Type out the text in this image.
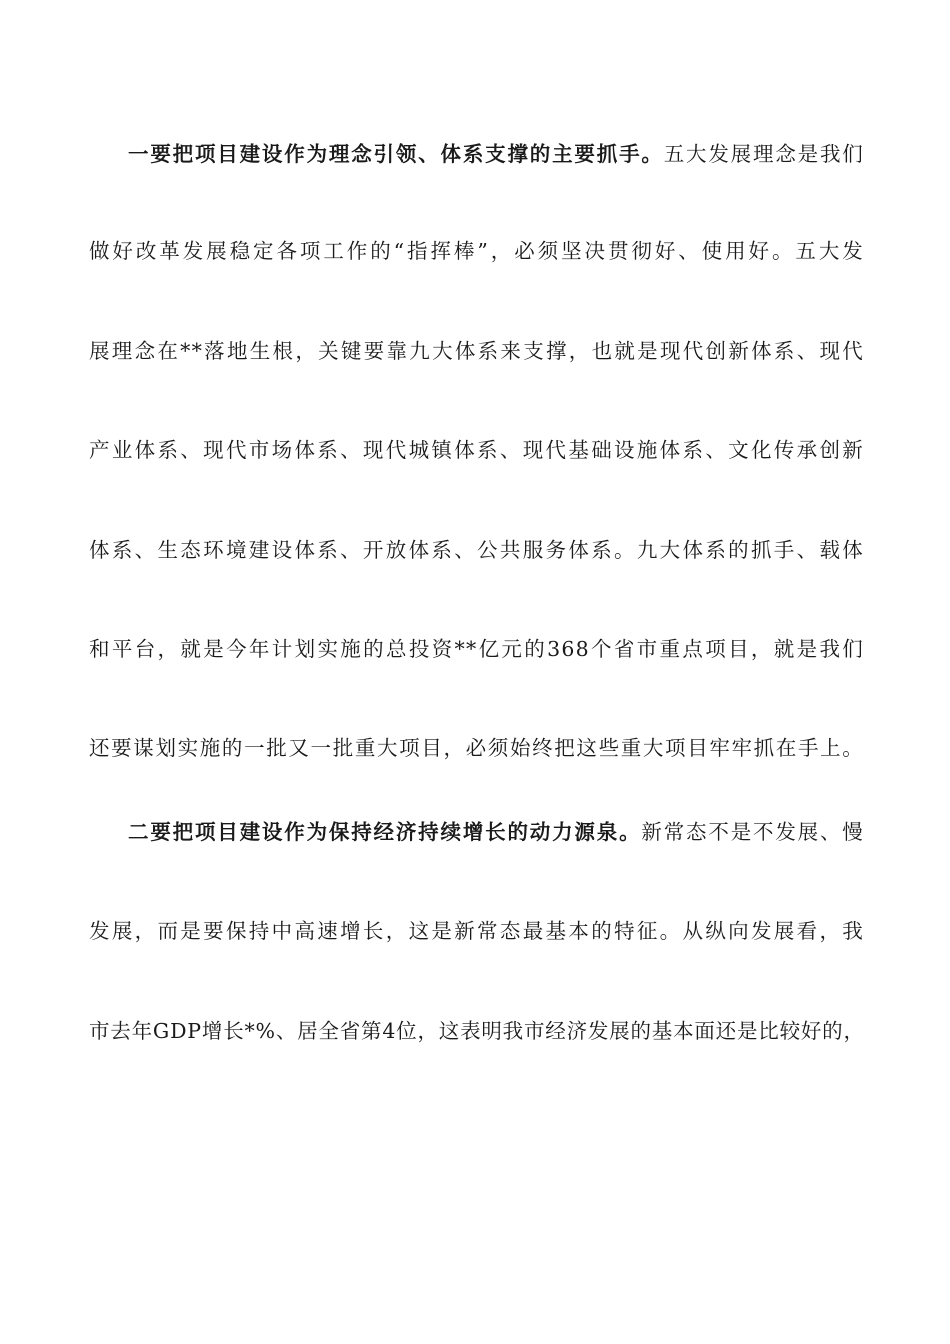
一要把项目建设作为理念引领、体系支撑的主要抓手。五大发展理念是我们
做好改革发展稳定各项工作的“指挥棒”，必须坚决贯彻好、使用好。五大发
展理念在**落地生根，关键要靠九大体系来支撑，也就是现代创新体系、现代
产业体系、现代市场体系、现代城镇体系、现代基础设施体系、文化传承创新
体系、生态环境建设体系、开放体系、公共服务体系。九大体系的抓手、载体
和平台，就是今年计划实施的总投资**亿元的368个省市重点项目，就是我们
还要谋划实施的一批又一批重大项目，必须始终把这些重大项目牢牢抓在手上。
二要把项目建设作为保持经济持续增长的动力源泉。新常态不是不发展、慢
发展，而是要保持中高速增长，这是新常态最基本的特征。从纵向发展看，我
市去年GDP增长*%、居全省第4位，这表明我市经济发展的基本面还是比较好的，
